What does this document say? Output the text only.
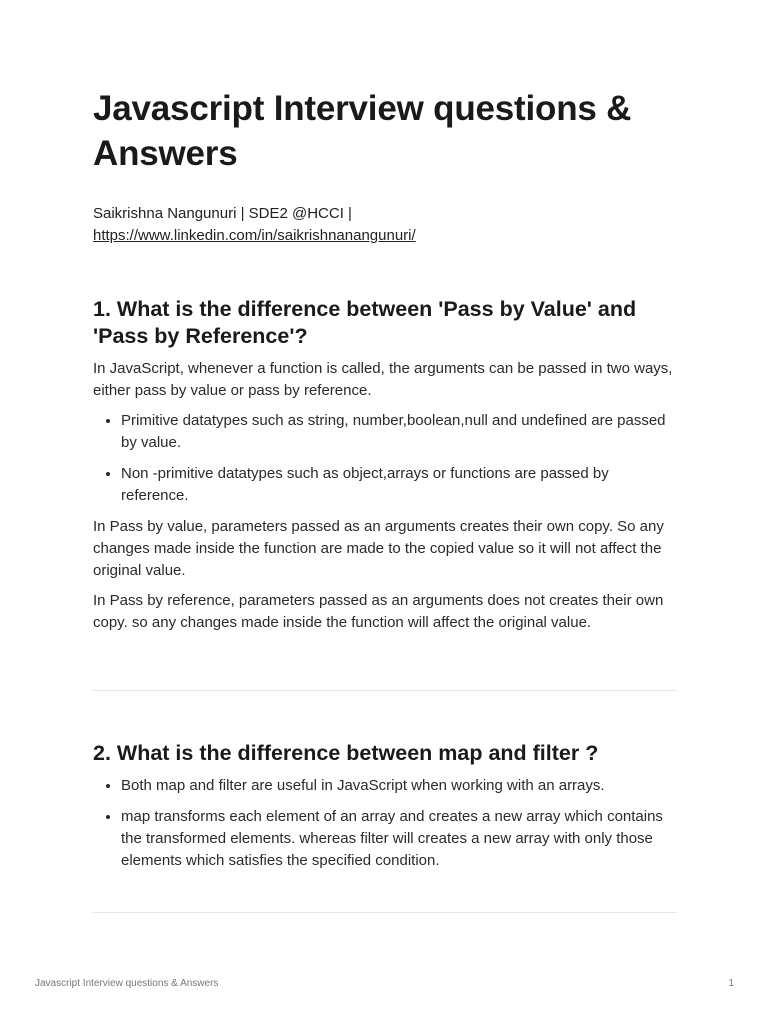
Javascript Interview questions & Answers
Saikrishna Nangunuri | SDE2 @HCCI |
https://www.linkedin.com/in/saikrishnanangunuri/
1. What is the difference between 'Pass by Value' and 'Pass by Reference'?

In JavaScript, whenever a function is called, the arguments can be passed in two ways, either pass by value or pass by reference.

• Primitive datatypes such as string, number,boolean,null and undefined are passed by value.
• Non -primitive datatypes such as object,arrays or functions are passed by reference.

In Pass by value, parameters passed as an arguments creates their own copy. So any changes made inside the function are made to the copied value so it will not affect the original value.

In Pass by reference, parameters passed as an arguments does not creates their own copy. so any changes made inside the function will affect the original value.

2. What is the difference between map and filter ?
• Both map and filter are useful in JavaScript when working with an arrays.
• map transforms each element of an array and creates a new array which contains the transformed elements. whereas filter will creates a new array with only those elements which satisfies the specified condition.
Javascript Interview questions & Answers	1
